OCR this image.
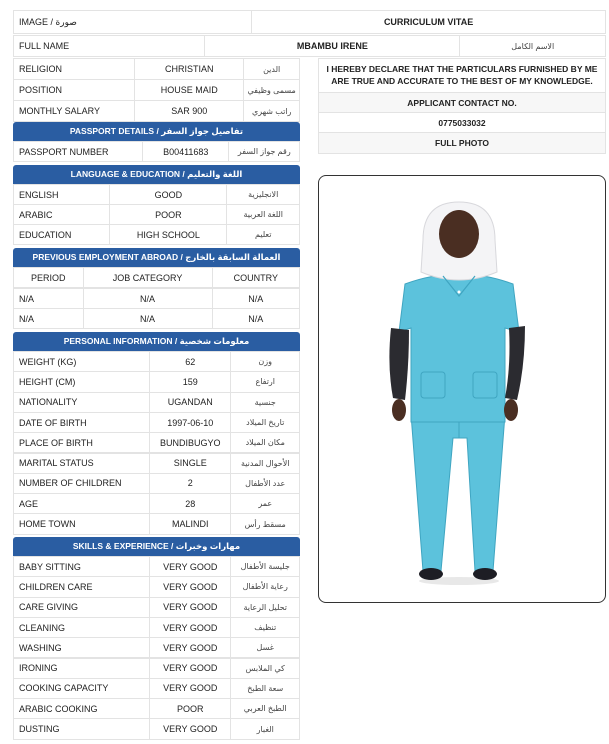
IMAGE / صورة	CURRICULUM VITAE
FULL NAME	MBAMBU IRENE	الاسم الكامل
RELIGION	CHRISTIAN	الدين
POSITION	HOUSE MAID	مسمى وظيفي
MONTHLY SALARY	SAR 900	راتب شهري
I HEREBY DECLARE THAT THE PARTICULARS FURNISHED BY ME ARE TRUE AND ACCURATE TO THE BEST OF MY KNOWLEDGE.
APPLICANT CONTACT NO.
0775033032
FULL PHOTO
PASSPORT DETAILS / تفاصيل جواز السفر
PASSPORT NUMBER	B00411683	رقم جواز السفر
LANGUAGE & EDUCATION / اللغة والتعليم
ENGLISH	GOOD	الانجليزية
ARABIC	POOR	اللغة العربية
EDUCATION	HIGH SCHOOL	تعليم
PREVIOUS EMPLOYMENT ABROAD / العمالة السابقة بالخارج
PERIOD	JOB CATEGORY	COUNTRY
N/A	N/A	N/A
N/A	N/A	N/A
PERSONAL INFORMATION / معلومات شخصية
WEIGHT (KG)	62	وزن
HEIGHT (CM)	159	ارتفاع
NATIONALITY	UGANDAN	جنسية
DATE OF BIRTH	1997-06-10	تاريخ الميلاد
PLACE OF BIRTH	BUNDIBUGYO	مكان الميلاد
MARITAL STATUS	SINGLE	الأحوال المدنية
NUMBER OF CHILDREN	2	عدد الأطفال
AGE	28	عمر
HOME TOWN	MALINDI	مسقط رأس
SKILLS & EXPERIENCE / مهارات وخبرات
BABY SITTING	VERY GOOD	جليسة الأطفال
CHILDREN CARE	VERY GOOD	رعاية الأطفال
CARE GIVING	VERY GOOD	تحليل الرعاية
CLEANING	VERY GOOD	تنظيف
WASHING	VERY GOOD	غسل
IRONING	VERY GOOD	كي الملابس
COOKING CAPACITY	VERY GOOD	سعة الطبخ
ARABIC COOKING	POOR	الطبخ العربي
DUSTING	VERY GOOD	الغبار
